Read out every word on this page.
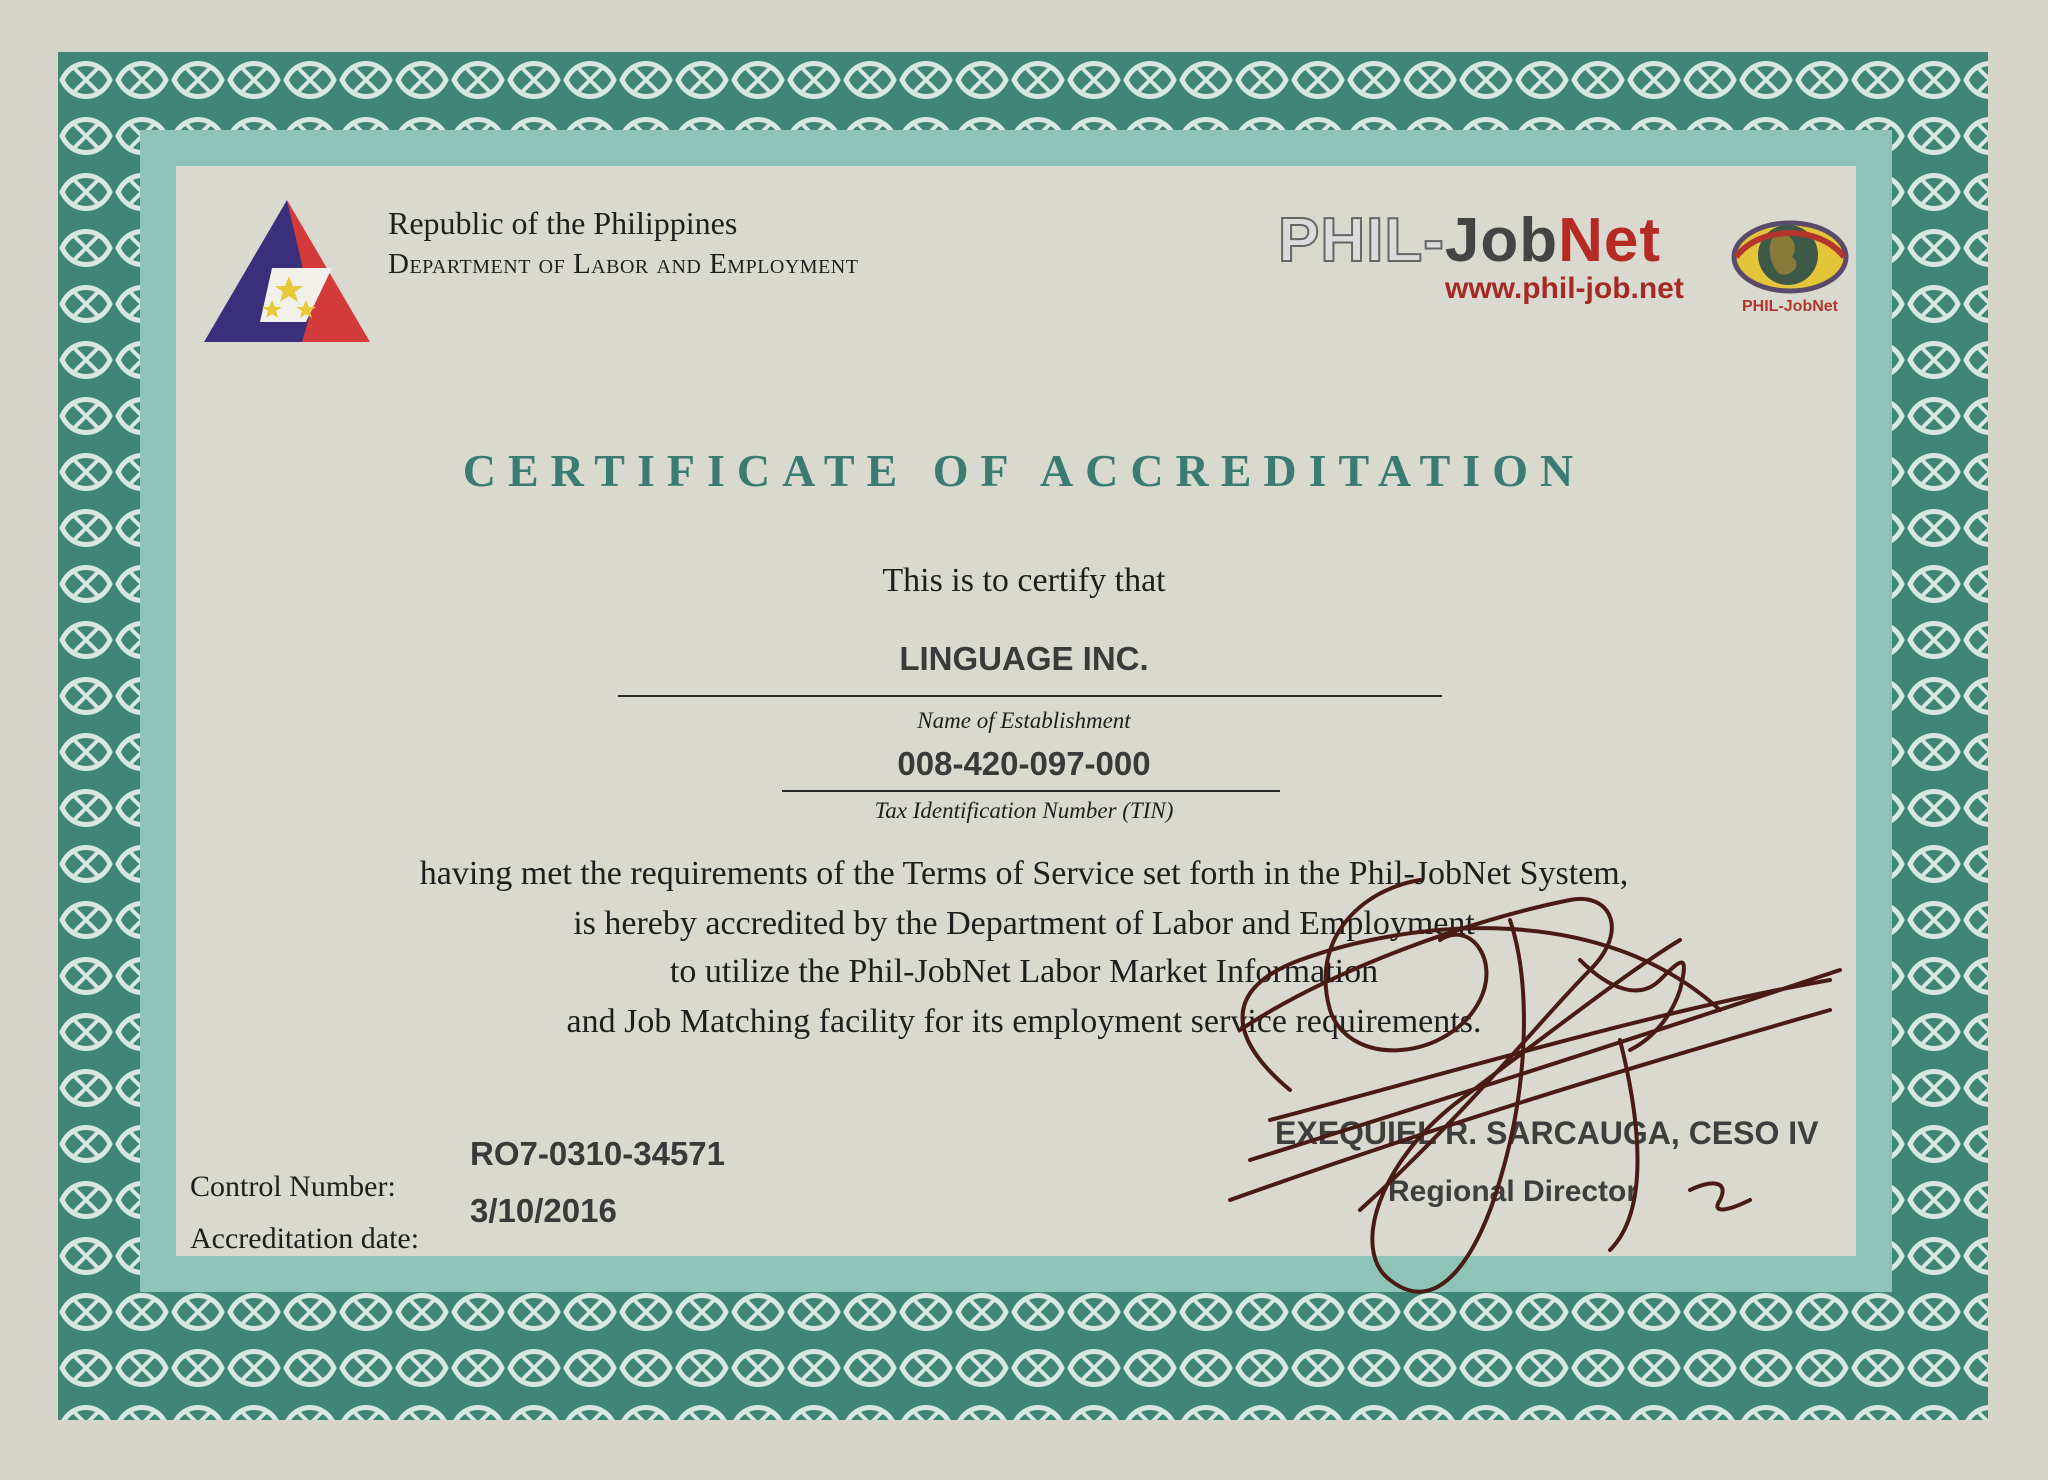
Republic of the Philippines
Department of Labor and Employment	PHIL-JobNet
www.phil-job.net
PHIL-JobNet
CERTIFICATE OF ACCREDITATION
This is to certify that
LINGUAGE INC.
Name of Establishment
008-420-097-000
Tax Identification Number (TIN)
having met the requirements of the Terms of Service set forth in the Phil-JobNet System,
is hereby accredited by the Department of Labor and Employment
to utilize the Phil-JobNet Labor Market Information
and Job Matching facility for its employment service requirements.
Control Number:
RO7-0310-34571
Accreditation date:
3/10/2016
EXEQUIEL R. SARCAUGA, CESO IV
Regional Director
